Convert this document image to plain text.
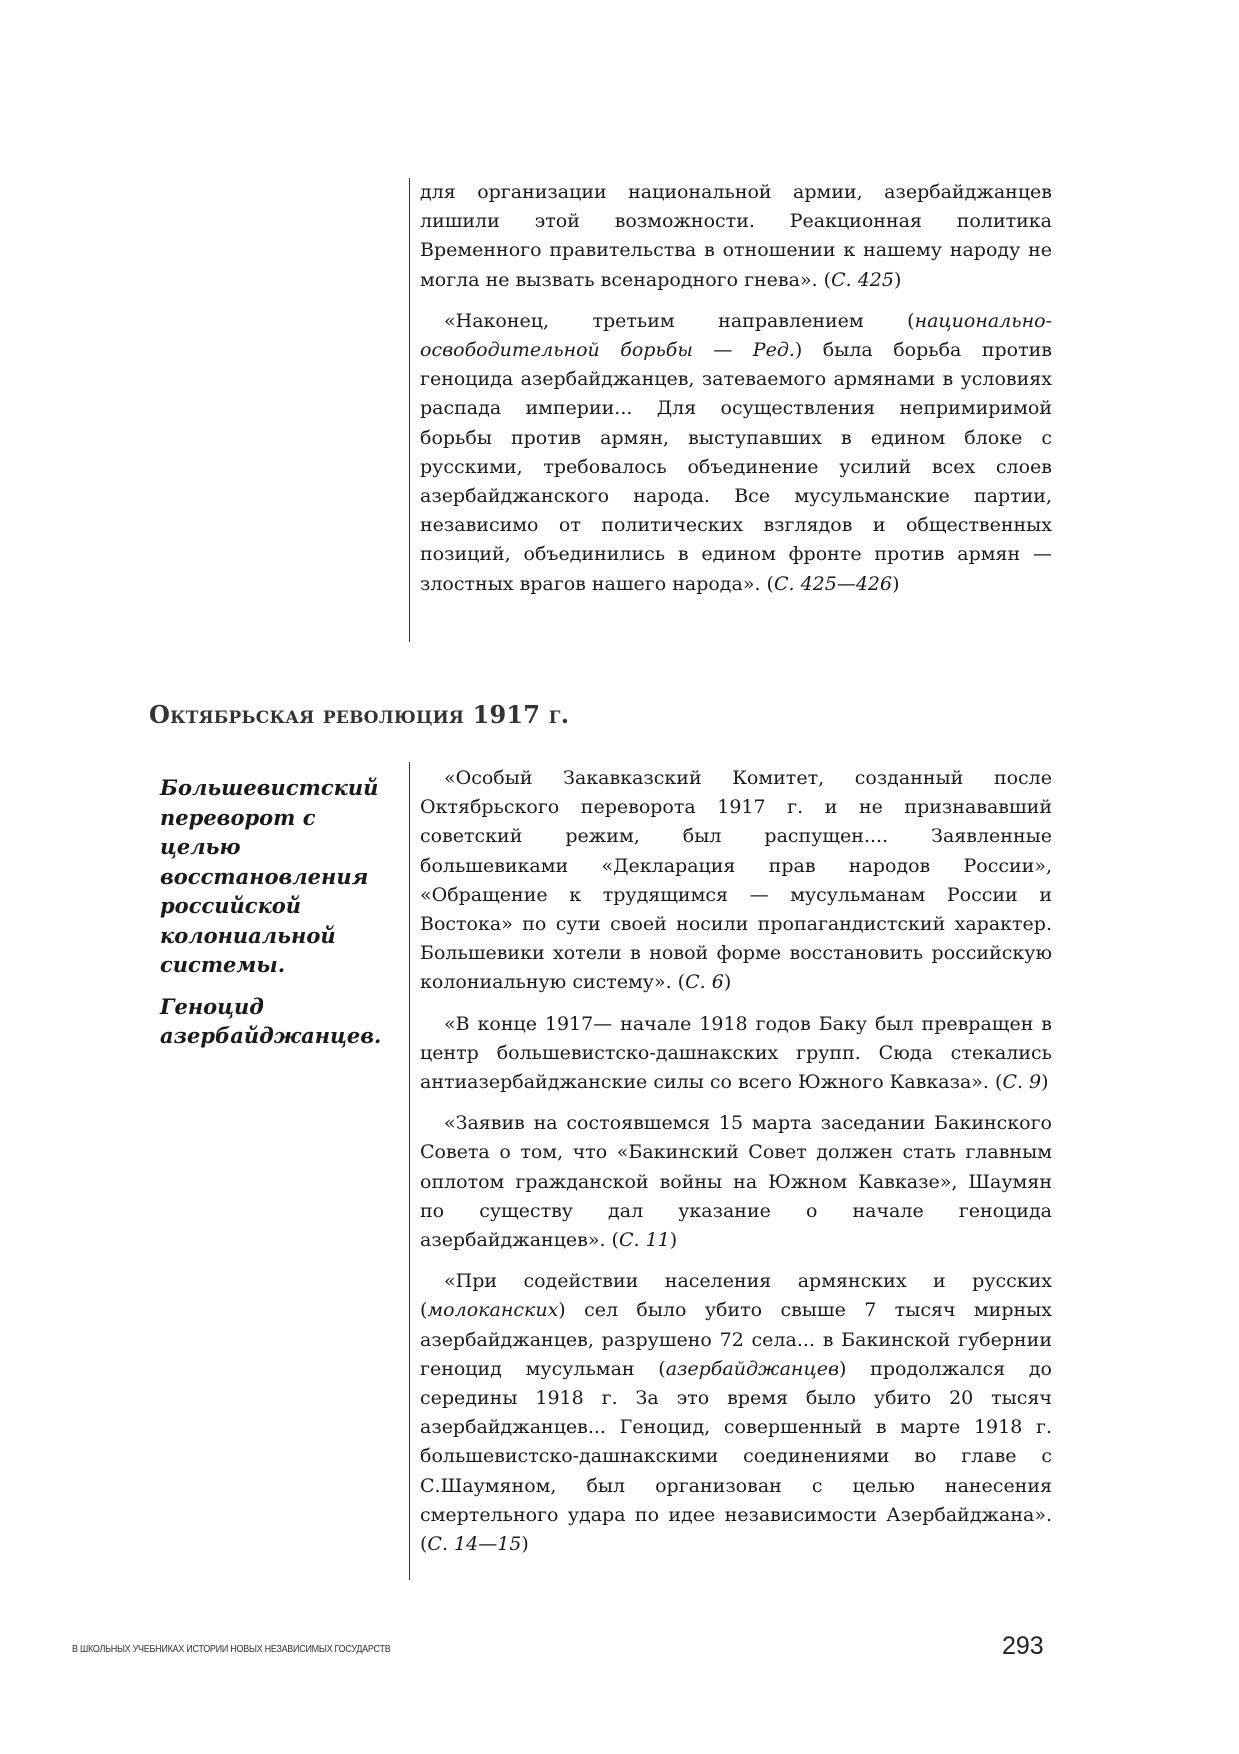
для организации национальной армии, азербайджанцев лишили этой возможности. Реакционная политика Временного правительства в отношении к нашему народу не могла не вызвать всенародного гнева». (С. 425)

«Наконец, третьим направлением (национально-освободительной борьбы — Ред.) была борьба против геноцида азербайджанцев, затеваемого армянами в условиях распада империи... Для осуществления непримиримой борьбы против армян, выступавших в едином блоке с русскими, требовалось объединение усилий всех слоев азербайджанского народа. Все мусульманские партии, независимо от политических взглядов и общественных позиций, объединились в едином фронте против армян — злостных врагов нашего народа». (С. 425—426)

Октябрьская революция 1917 г.

Большевистский переворот с целью восстановления российской колониальной системы.

Геноцид азербайджанцев.

«Особый Закавказский Комитет, созданный после Октябрьского переворота 1917 г. и не признававший советский режим, был распущен.... Заявленные большевиками «Декларация прав народов России», «Обращение к трудящимся — мусульманам России и Востока» по сути своей носили пропагандистский характер. Большевики хотели в новой форме восстановить российскую колониальную систему». (С. 6)

«В конце 1917— начале 1918 годов Баку был превращен в центр большевистско-дашнакских групп. Сюда стекались антиазербайджанские силы со всего Южного Кавказа». (С. 9)

«Заявив на состоявшемся 15 марта заседании Бакинского Совета о том, что «Бакинский Совет должен стать главным оплотом гражданской войны на Южном Кавказе», Шаумян по существу дал указание о начале геноцида азербайджанцев». (С. 11)

«При содействии населения армянских и русских (молоканских) сел было убито свыше 7 тысяч мирных азербайджанцев, разрушено 72 села... в Бакинской губернии геноцид мусульман (азербайджанцев) продолжался до середины 1918 г. За это время было убито 20 тысяч азербайджанцев... Геноцид, совершенный в марте 1918 г. большевистско-дашнакскими соединениями во главе с С.Шаумяном, был организован с целью нанесения смертельного удара по идее независимости Азербайджана». (С. 14—15)

В ШКОЛЬНЫХ УЧЕБНИКАХ ИСТОРИИ НОВЫХ НЕЗАВИСИМЫХ ГОСУДАРСТВ	293
